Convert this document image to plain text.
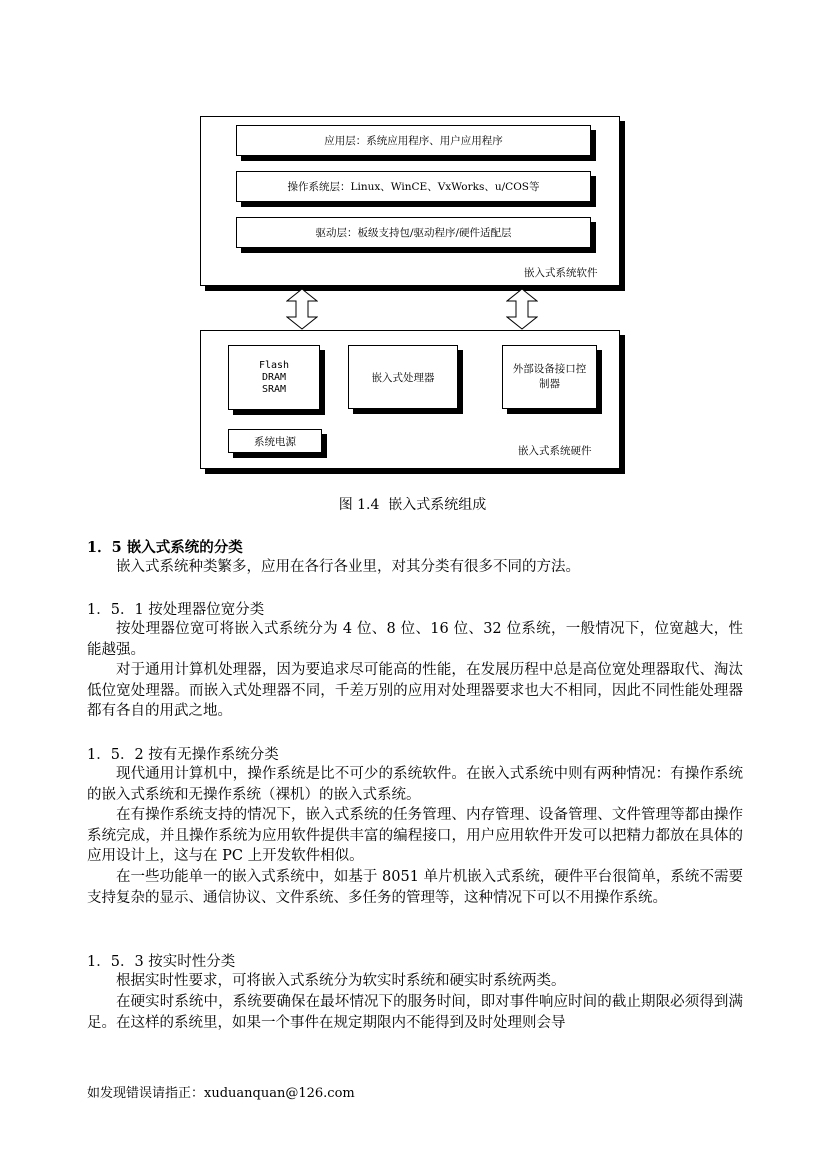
应用层：系统应用程序、用户应用程序
操作系统层：Linux、WinCE、VxWorks、u/COS等
驱动层：板级支持包/驱动程序/硬件适配层
嵌入式系统软件
Flash
DRAM
SRAM
嵌入式处理器
外部设备接口控制器
系统电源
嵌入式系统硬件
图 1.4  嵌入式系统组成
1．5 嵌入式系统的分类
嵌入式系统种类繁多，应用在各行各业里，对其分类有很多不同的方法。
1．5．1 按处理器位宽分类
按处理器位宽可将嵌入式系统分为 4 位、8 位、16 位、32 位系统，一般情况下，位宽越大，性能越强。
对于通用计算机处理器，因为要追求尽可能高的性能，在发展历程中总是高位宽处理器取代、淘汰低位宽处理器。而嵌入式处理器不同，千差万别的应用对处理器要求也大不相同，因此不同性能处理器都有各自的用武之地。
1．5．2 按有无操作系统分类
现代通用计算机中，操作系统是比不可少的系统软件。在嵌入式系统中则有两种情况：有操作系统的嵌入式系统和无操作系统（裸机）的嵌入式系统。
在有操作系统支持的情况下，嵌入式系统的任务管理、内存管理、设备管理、文件管理等都由操作系统完成，并且操作系统为应用软件提供丰富的编程接口，用户应用软件开发可以把精力都放在具体的应用设计上，这与在 PC 上开发软件相似。
在一些功能单一的嵌入式系统中，如基于 8051 单片机嵌入式系统，硬件平台很简单，系统不需要支持复杂的显示、通信协议、文件系统、多任务的管理等，这种情况下可以不用操作系统。
1．5．3 按实时性分类
根据实时性要求，可将嵌入式系统分为软实时系统和硬实时系统两类。
在硬实时系统中，系统要确保在最坏情况下的服务时间，即对事件响应时间的截止期限必须得到满足。在这样的系统里，如果一个事件在规定期限内不能得到及时处理则会导
如发现错误请指正：xuduanquan@126.com
